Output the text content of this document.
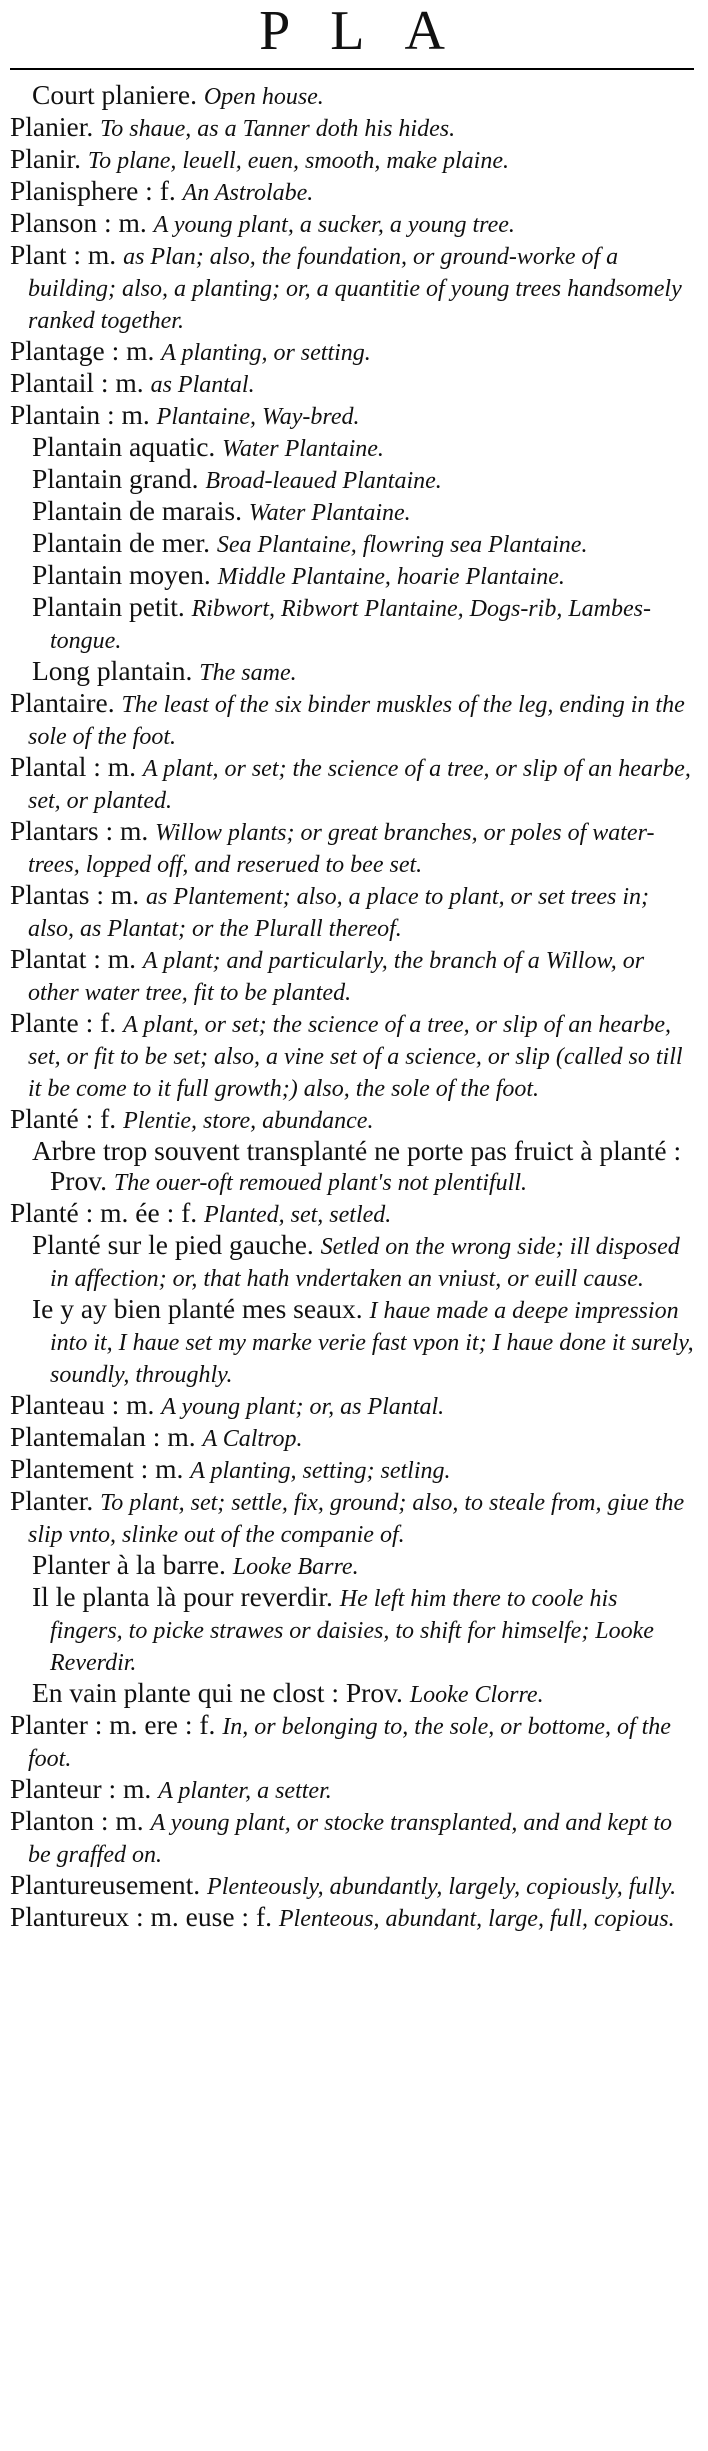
PLA

Court planiere. Open house.

Planier. To shaue, as a Tanner doth his hides.

Planir. To plane, leuell, euen, smooth, make plaine.

Planisphere : f. An Astrolabe.

Planson : m. A young plant, a sucker, a young tree.

Plant : m. as Plan; also, the foundation, or ground-worke of a building; also, a planting; or, a quantitie of young trees handsomely ranked together.

Plantage : m. A planting, or setting.

Plantail : m. as Plantal.

Plantain : m. Plantaine, Way-bred.

Plantain aquatic. Water Plantaine.

Plantain grand. Broad-leaued Plantaine.

Plantain de marais. Water Plantaine.

Plantain de mer. Sea Plantaine, flowring sea Plantaine.

Plantain moyen. Middle Plantaine, hoarie Plantaine.

Plantain petit. Ribwort, Ribwort Plantaine, Dogs-rib, Lambes-tongue.

Long plantain. The same.

Plantaire. The least of the six binder muskles of the leg, ending in the sole of the foot.

Plantal : m. A plant, or set; the science of a tree, or slip of an hearbe, set, or planted.

Plantars : m. Willow plants; or great branches, or poles of water-trees, lopped off, and reserued to bee set.

Plantas : m. as Plantement; also, a place to plant, or set trees in; also, as Plantat; or the Plurall thereof.

Plantat : m. A plant; and particularly, the branch of a Willow, or other water tree, fit to be planted.

Plante : f. A plant, or set; the science of a tree, or slip of an hearbe, set, or fit to be set; also, a vine set of a science, or slip (called so till it be come to it full growth;) also, the sole of the foot.

Planté : f. Plentie, store, abundance.

Arbre trop souvent transplanté ne porte pas fruict à planté : Prov. The ouer-oft remoued plant's not plentifull.

Planté : m. ée : f. Planted, set, setled.

Planté sur le pied gauche. Setled on the wrong side; ill disposed in affection; or, that hath vndertaken an vniust, or euill cause.

Ie y ay bien planté mes seaux. I haue made a deepe impression into it, I haue set my marke verie fast vpon it; I haue done it surely, soundly, throughly.

Planteau : m. A young plant; or, as Plantal.

Plantemalan : m. A Caltrop.

Plantement : m. A planting, setting; setling.

Planter. To plant, set; settle, fix, ground; also, to steale from, giue the slip vnto, slinke out of the companie of.

Planter à la barre. Looke Barre.

Il le planta là pour reverdir. He left him there to coole his fingers, to picke strawes or daisies, to shift for himselfe; Looke Reverdir.

En vain plante qui ne clost : Prov. Looke Clorre.

Planter : m. ere : f. In, or belonging to, the sole, or bottome, of the foot.

Planteur : m. A planter, a setter.

Planton : m. A young plant, or stocke transplanted, and and kept to be graffed on.

Plantureusement. Plenteously, abundantly, largely, copiously, fully.

Plantureux : m. euse : f. Plenteous, abundant, large, full, copious.
